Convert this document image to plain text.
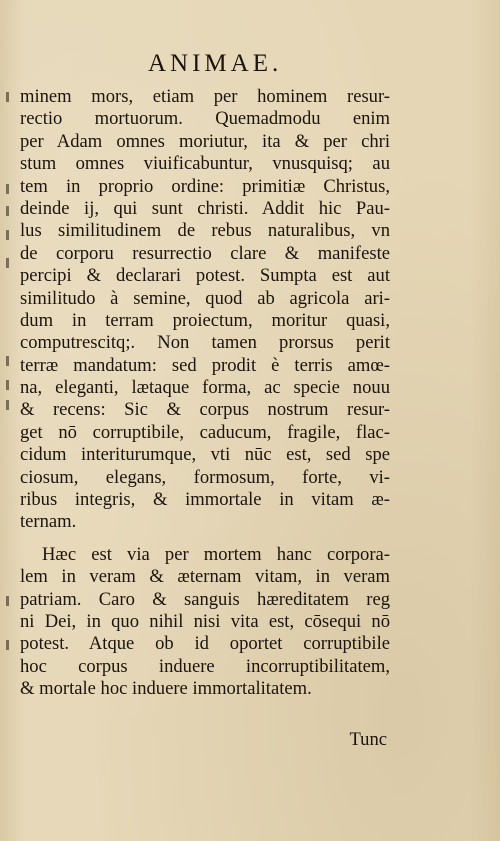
ANIMAE.
minem mors, etiam per hominem resur-
rectio mortuorum. Quemadmodu enim
per Adam omnes moriutur, ita & per chri
stum omnes viuificabuntur, vnusquisq; au
tem in proprio ordine: primitiæ Christus,
deinde ij, qui sunt christi. Addit hic Pau-
lus similitudinem de rebus naturalibus, vn
de corporu resurrectio clare & manifeste
percipi & declarari potest. Sumpta est aut
similitudo à semine, quod ab agricola ari-
dum in terram proiectum, moritur quasi,
computrescitq;. Non tamen prorsus perit
terræ mandatum: sed prodit è terris amœ-
na, eleganti, lætaque forma, ac specie nouu
& recens: Sic & corpus nostrum resur-
get nō corruptibile, caducum, fragile, flac-
cidum interiturumque, vti nūc est, sed spe
ciosum, elegans, formosum, forte, vi-
ribus integris, & immortale in vitam æ-
ternam.
Hæc est via per mortem hanc corpora-
lem in veram & æternam vitam, in veram
patriam. Caro & sanguis hæreditatem reg
ni Dei, in quo nihil nisi vita est, cōsequi nō
potest. Atque ob id oportet corruptibile
hoc corpus induere incorruptibilitatem,
& mortale hoc induere immortalitatem.
Tunc
